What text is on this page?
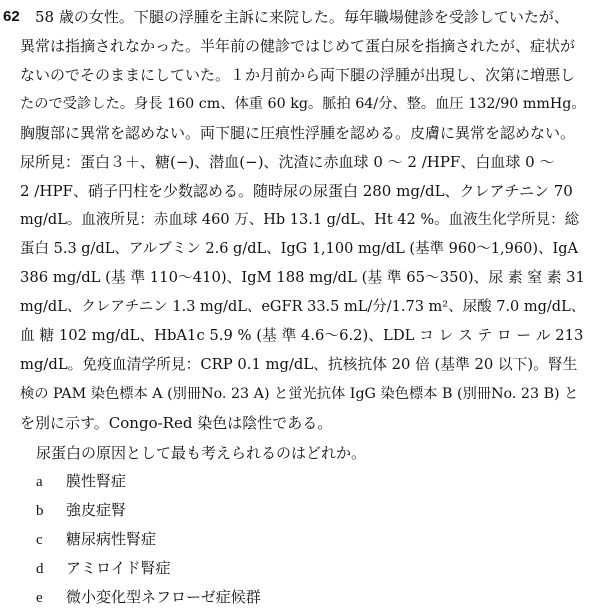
62 58 歳の女性。下腿の浮腫を主訴に来院した。毎年職場健診を受診していたが、
異常は指摘されなかった。半年前の健診ではじめて蛋白尿を指摘されたが、症状が
ないのでそのままにしていた。１か月前から両下腿の浮腫が出現し、次第に増悪し
たので受診した。身長 160 cm、体重 60 kg。脈拍 64/分、整。血圧 132/90 mmHg。
胸腹部に異常を認めない。両下腿に圧痕性浮腫を認める。皮膚に異常を認めない。
尿所見：蛋白３＋、糖(−)、潜血(−)、沈渣に赤血球 0 〜 2 /HPF、白血球 0 〜
2 /HPF、硝子円柱を少数認める。随時尿の尿蛋白 280 mg/dL、クレアチニン 70
mg/dL。血液所見：赤血球 460 万、Hb 13.1 g/dL、Ht 42 %。血液生化学所見：総
蛋白 5.3 g/dL、アルブミン 2.6 g/dL、IgG 1,100 mg/dL (基準 960〜1,960)、IgA
386 mg/dL (基 準 110〜410)、IgM 188 mg/dL (基 準 65〜350)、尿 素 窒 素 31
mg/dL、クレアチニン 1.3 mg/dL、eGFR 33.5 mL/分/1.73 m²、尿酸 7.0 mg/dL、
血 糖 102 mg/dL、HbA1c 5.9 % (基 準 4.6〜6.2)、LDL コ レ ス テ ロ ー ル 213
mg/dL。免疫血清学所見：CRP 0.1 mg/dL、抗核抗体 20 倍 (基準 20 以下)。腎生
検の PAM 染色標本 A (別冊No. 23 A) と蛍光抗体 IgG 染色標本 B (別冊No. 23 B) と
を別に示す。Congo-Red 染色は陰性である。
尿蛋白の原因として最も考えられるのはどれか。
a 膜性腎症
b 強皮症腎
c 糖尿病性腎症
d アミロイド腎症
e 微小変化型ネフローゼ症候群
